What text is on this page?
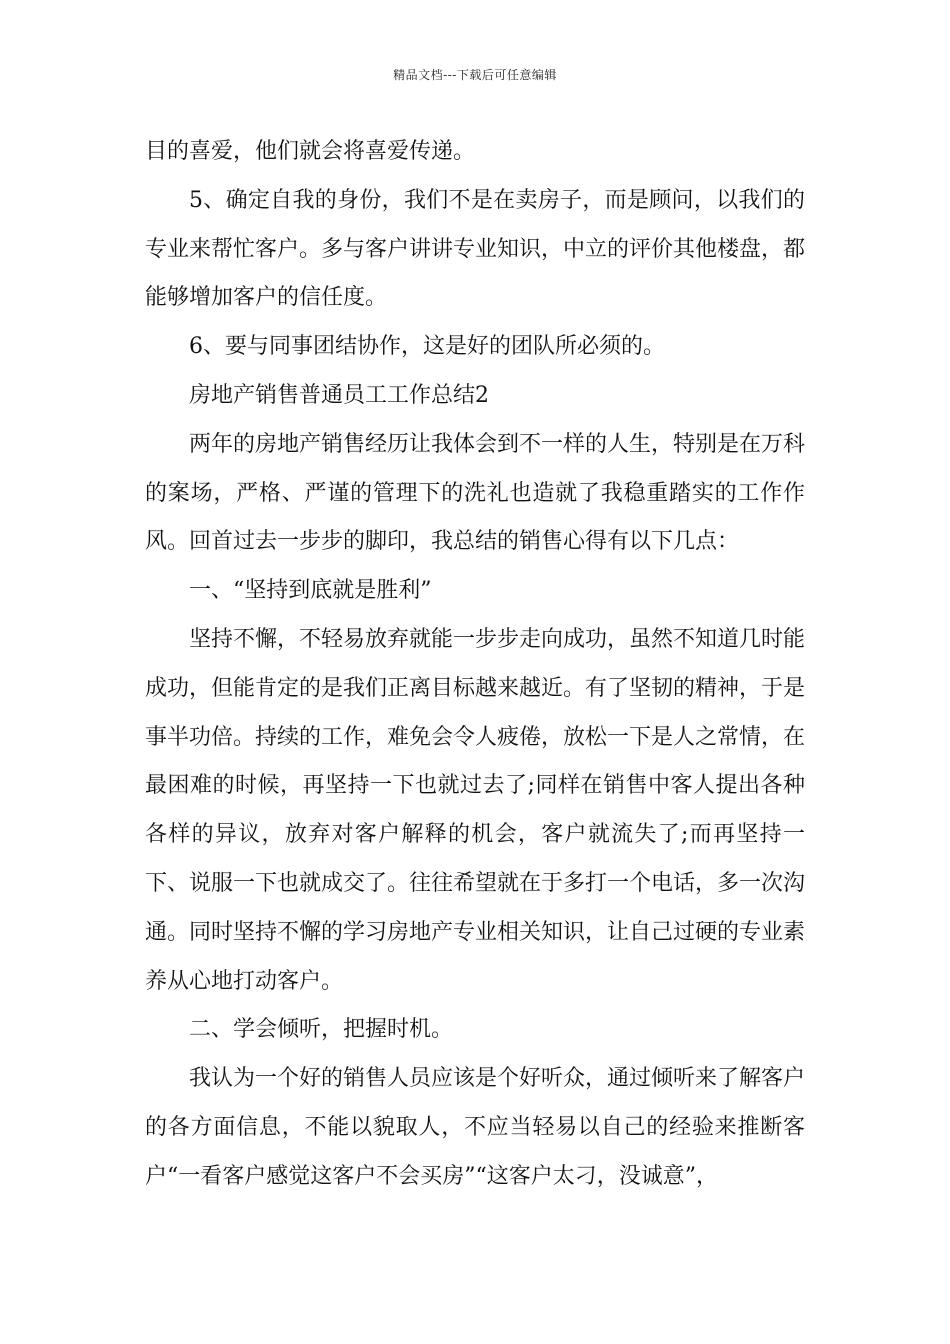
精品文档---下载后可任意编辑

目的喜爱，他们就会将喜爱传递。

5、确定自我的身份，我们不是在卖房子，而是顾问，以我们的专业来帮忙客户。多与客户讲讲专业知识，中立的评价其他楼盘，都能够增加客户的信任度。

6、要与同事团结协作，这是好的团队所必须的。

房地产销售普通员工工作总结2

两年的房地产销售经历让我体会到不一样的人生，特别是在万科的案场，严格、严谨的管理下的洗礼也造就了我稳重踏实的工作作风。回首过去一步步的脚印，我总结的销售心得有以下几点：

一、“坚持到底就是胜利”

坚持不懈，不轻易放弃就能一步步走向成功，虽然不知道几时能成功，但能肯定的是我们正离目标越来越近。有了坚韧的精神，于是事半功倍。持续的工作，难免会令人疲倦，放松一下是人之常情，在最困难的时候，再坚持一下也就过去了;同样在销售中客人提出各种各样的异议，放弃对客户解释的机会，客户就流失了;而再坚持一下、说服一下也就成交了。往往希望就在于多打一个电话，多一次沟通。同时坚持不懈的学习房地产专业相关知识，让自己过硬的专业素养从心地打动客户。

二、学会倾听，把握时机。

我认为一个好的销售人员应该是个好听众，通过倾听来了解客户的各方面信息，不能以貌取人，不应当轻易以自己的经验来推断客户“一看客户感觉这客户不会买房”“这客户太刁，没诚意”，
